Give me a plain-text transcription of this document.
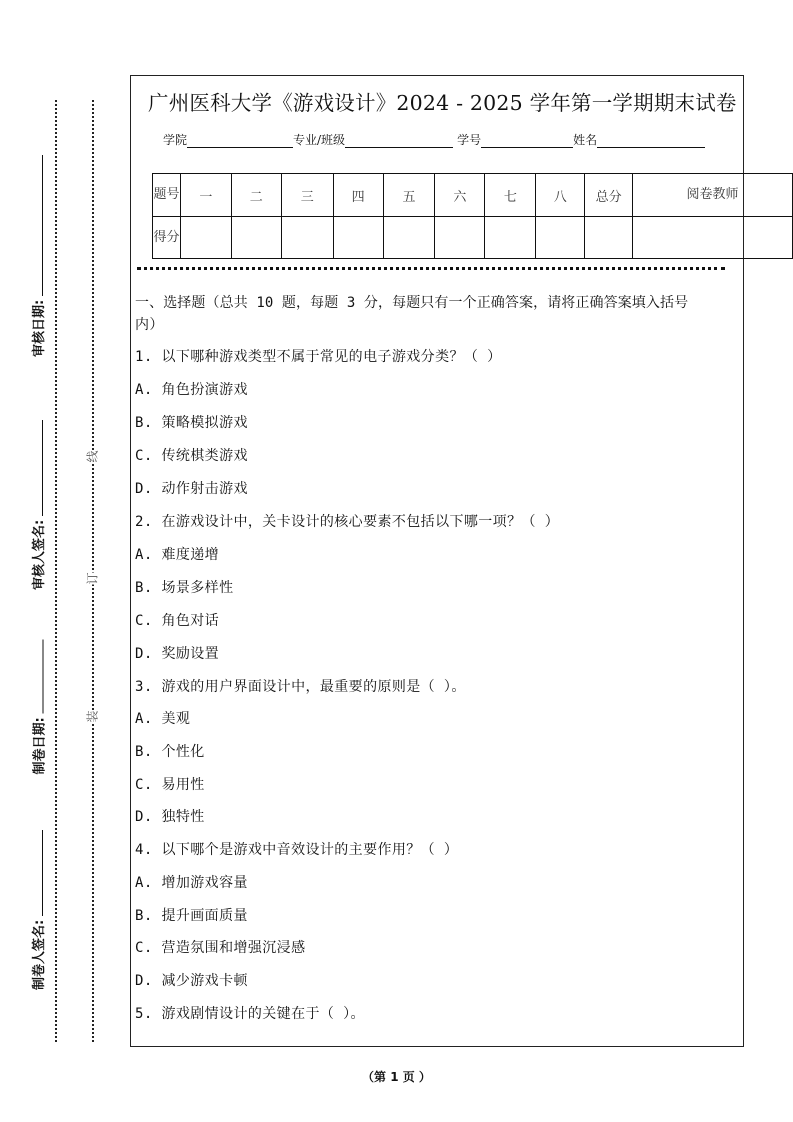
审核日期:
审核人签名:
制卷日期:
制卷人签名:
线
订
装
广州医科大学《游戏设计》2024 - 2025 学年第一学期期末试卷
学院	专业/班级	学号	姓名
题号	一	二	三	四	五	六	七	八	总分	阅卷教师
得分										
一、选择题（总共 10 题，每题 3 分，每题只有一个正确答案，请将正确答案填入括号
内）
1. 以下哪种游戏类型不属于常见的电子游戏分类？（ ）
A. 角色扮演游戏
B. 策略模拟游戏
C. 传统棋类游戏
D. 动作射击游戏
2. 在游戏设计中，关卡设计的核心要素不包括以下哪一项？（ ）
A. 难度递增
B. 场景多样性
C. 角色对话
D. 奖励设置
3. 游戏的用户界面设计中，最重要的原则是（ ）。
A. 美观
B. 个性化
C. 易用性
D. 独特性
4. 以下哪个是游戏中音效设计的主要作用？（ ）
A. 增加游戏容量
B. 提升画面质量
C. 营造氛围和增强沉浸感
D. 减少游戏卡顿
5. 游戏剧情设计的关键在于（ ）。
（第 1 页 ）
